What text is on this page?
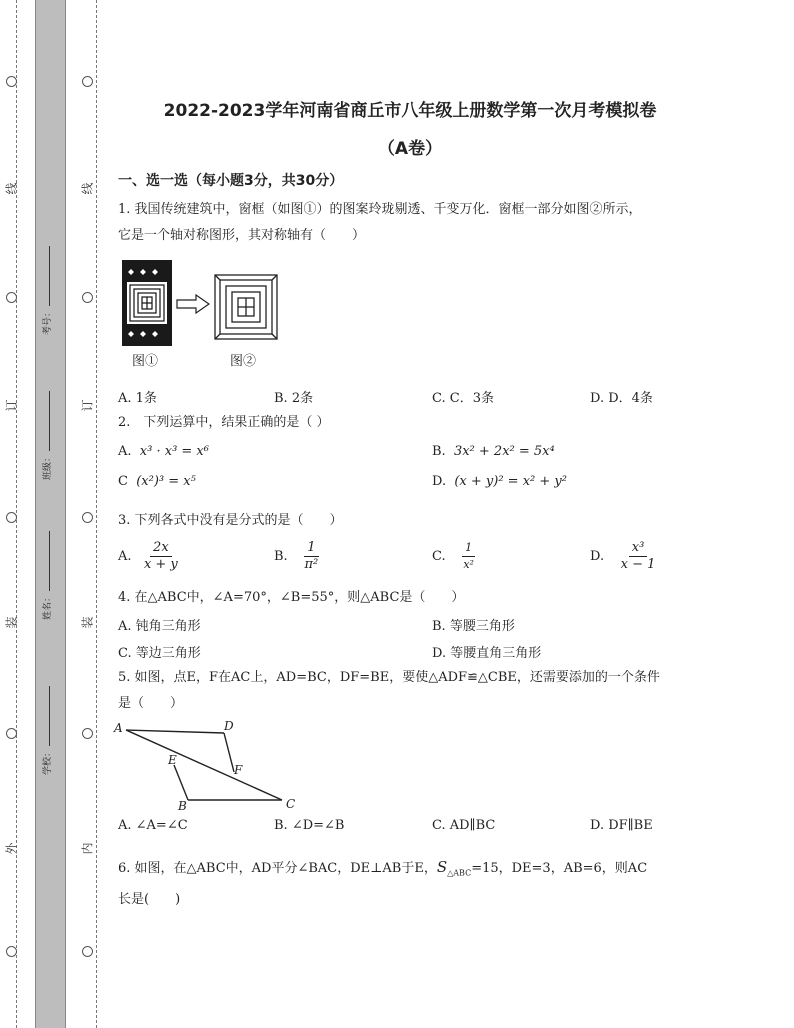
线
订
装
外
线
订
装
内
考号：
班级：
姓名：
学校：
2022-2023学年河南省商丘市八年级上册数学第一次月考模拟卷
（A卷）
一、选一选（每小题3分，共30分）
1. 我国传统建筑中，窗框（如图①）的图案玲珑剔透、千变万化．窗框一部分如图②所示，
它是一个轴对称图形，其对称轴有（　　）
图①	图②
A. 1条	B. 2条	C. C．3条	D. D．4条
2.　下列运算中，结果正确的是（ ）
A. x³ · x³ = x⁶	B. 3x² + 2x² = 5x⁴
C (x²)³ = x⁵	D. (x + y)² = x² + y²
3. 下列各式中没有是分式的是（　　）
A. $\frac{2x}{x + y}$	B. $\frac{1}{\text{π²}}$	C. $\frac{1}{\text{x²}}$	D. $\frac{\text{x³}}{x - 1}$
4. 在△ABC中，∠A=70°，∠B=55°，则△ABC是（　　）
A. 钝角三角形	B. 等腰三角形
C. 等边三角形	D. 等腰直角三角形
5. 如图，点E，F在AC上，AD=BC，DF=BE，要使△ADF≌△CBE，还需要添加的一个条件
是（　　）
A	D
E
F
B	C
A. ∠A=∠C	B. ∠D=∠B	C. AD∥BC	D. DF∥BE
6. 如图，在△ABC中，AD平分∠BAC，DE⊥AB于E，$S_{\triangle ABC}=15$，DE=3，AB=6，则AC
长是(　　)
